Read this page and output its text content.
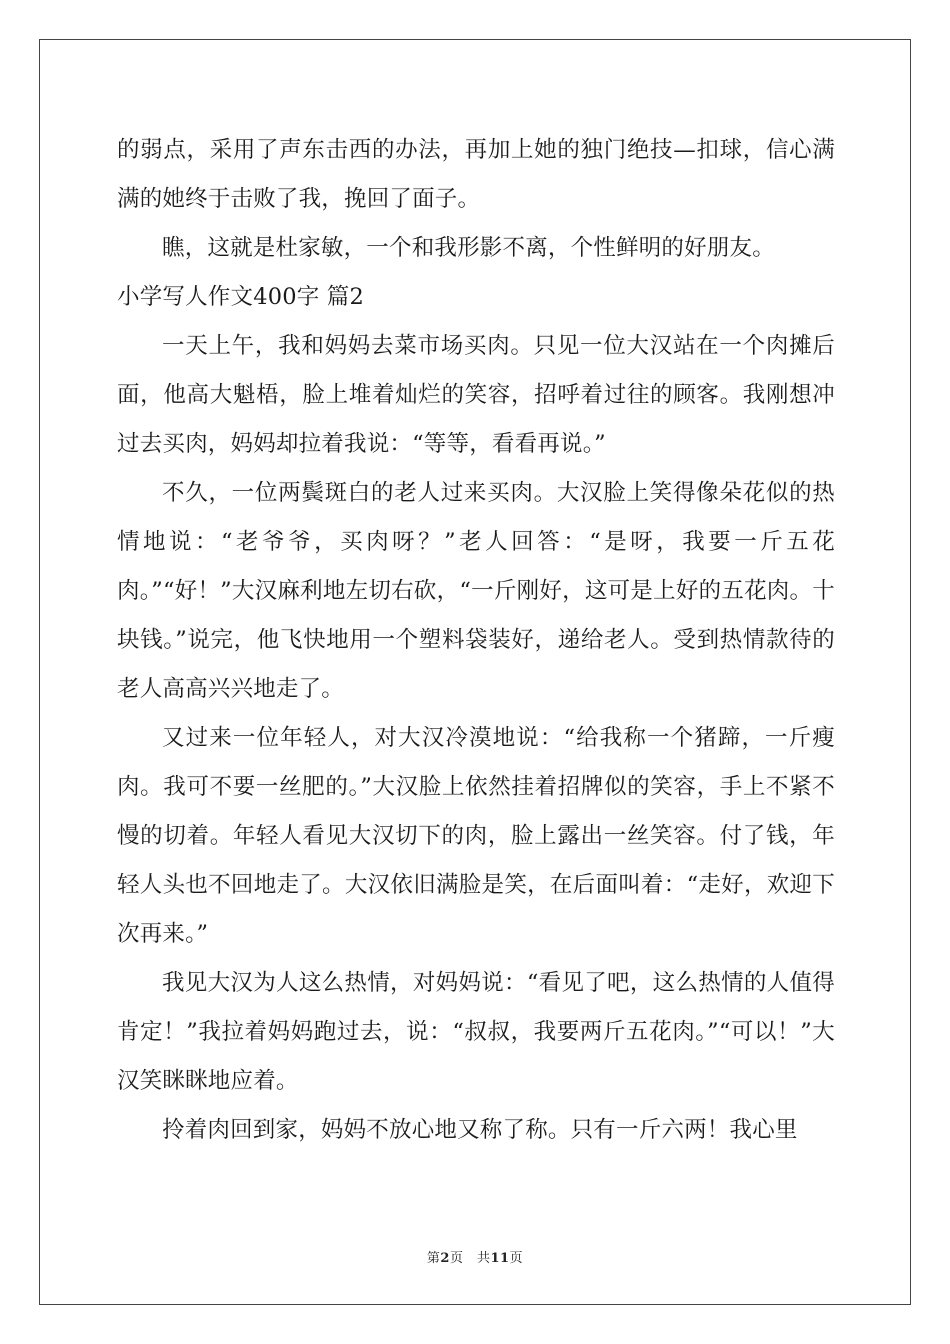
的弱点，采用了声东击西的办法，再加上她的独门绝技—扣球，信心满满的她终于击败了我，挽回了面子。

瞧，这就是杜家敏，一个和我形影不离，个性鲜明的好朋友。

小学写人作文400字 篇2

一天上午，我和妈妈去菜市场买肉。只见一位大汉站在一个肉摊后面，他高大魁梧，脸上堆着灿烂的笑容，招呼着过往的顾客。我刚想冲过去买肉，妈妈却拉着我说：“等等，看看再说。”

不久，一位两鬓斑白的老人过来买肉。大汉脸上笑得像朵花似的热情地说：“老爷爷，买肉呀？”老人回答：“是呀，我要一斤五花肉。”“好！”大汉麻利地左切右砍，“一斤刚好，这可是上好的五花肉。十块钱。”说完，他飞快地用一个塑料袋装好，递给老人。受到热情款待的老人高高兴兴地走了。

又过来一位年轻人，对大汉冷漠地说：“给我称一个猪蹄，一斤瘦肉。我可不要一丝肥的。”大汉脸上依然挂着招牌似的笑容，手上不紧不慢的切着。年轻人看见大汉切下的肉，脸上露出一丝笑容。付了钱，年轻人头也不回地走了。大汉依旧满脸是笑，在后面叫着：“走好，欢迎下次再来。”

我见大汉为人这么热情，对妈妈说：“看见了吧，这么热情的人值得肯定！”我拉着妈妈跑过去，说：“叔叔，我要两斤五花肉。”“可以！”大汉笑眯眯地应着。

拎着肉回到家，妈妈不放心地又称了称。只有一斤六两！我心里

第2页　共11页
